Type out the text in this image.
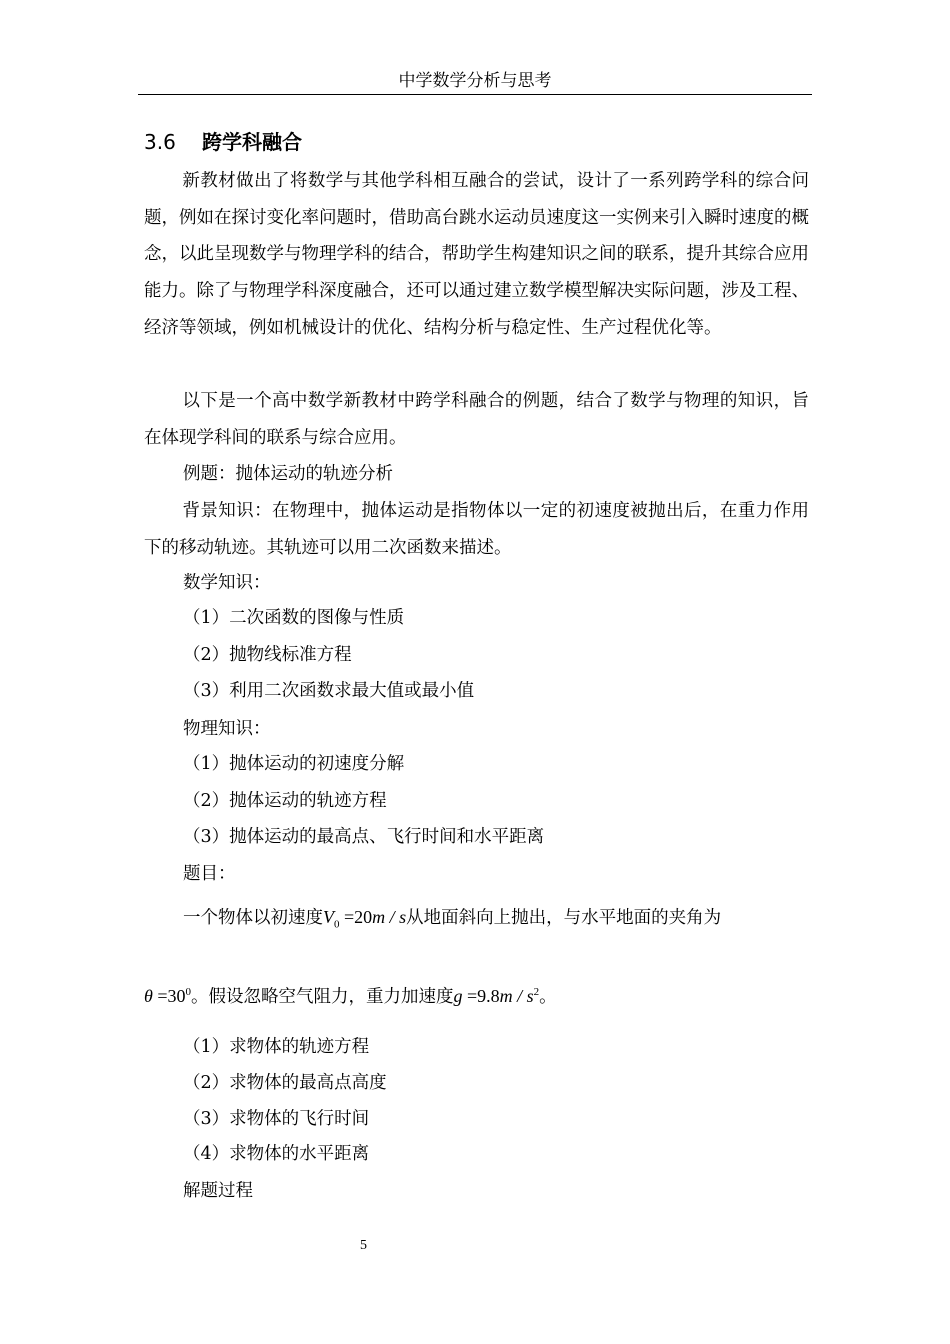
中学数学分析与思考
3.6 跨学科融合

新教材做出了将数学与其他学科相互融合的尝试，设计了一系列跨学科的综合问题，例如在探讨变化率问题时，借助高台跳水运动员速度这一实例来引入瞬时速度的概念，以此呈现数学与物理学科的结合，帮助学生构建知识之间的联系，提升其综合应用能力。除了与物理学科深度融合，还可以通过建立数学模型解决实际问题，涉及工程、经济等领域，例如机械设计的优化、结构分析与稳定性、生产过程优化等。

以下是一个高中数学新教材中跨学科融合的例题，结合了数学与物理的知识，旨在体现学科间的联系与综合应用。

例题：抛体运动的轨迹分析

背景知识：在物理中，抛体运动是指物体以一定的初速度被抛出后，在重力作用下的移动轨迹。其轨迹可以用二次函数来描述。

数学知识：
（1）二次函数的图像与性质
（2）抛物线标准方程
（3）利用二次函数求最大值或最小值
物理知识：
（1）抛体运动的初速度分解
（2）抛体运动的轨迹方程
（3）抛体运动的最高点、飞行时间和水平距离
题目：
一个物体以初速度$V_0 =20m / s$从地面斜向上抛出，与水平地面的夹角为
$\theta =30^0$。假设忽略空气阻力，重力加速度$g =9.8m / s^2$。
（1）求物体的轨迹方程
（2）求物体的最高点高度
（3）求物体的飞行时间
（4）求物体的水平距离
解题过程
5
